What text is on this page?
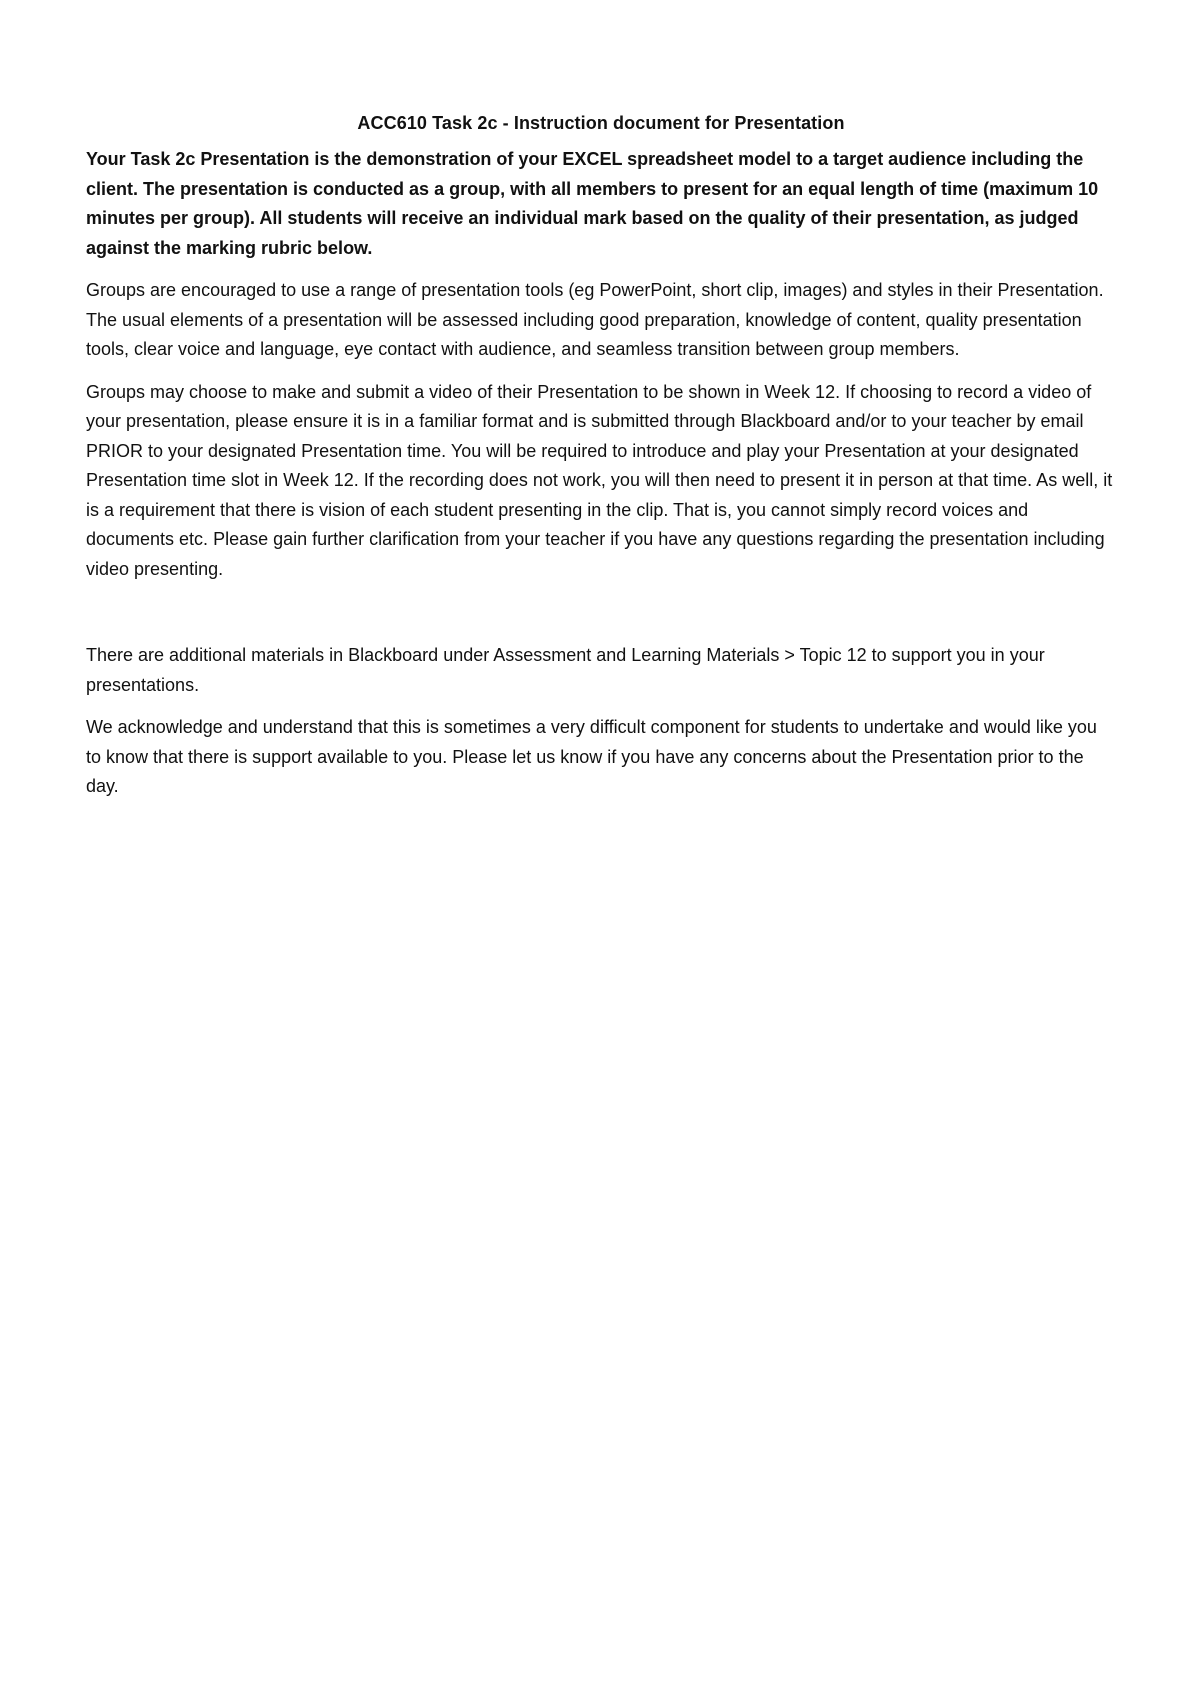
ACC610 Task 2c - Instruction document for Presentation

Your Task 2c Presentation is the demonstration of your EXCEL spreadsheet model to a target audience including the client. The presentation is conducted as a group, with all members to present for an equal length of time (maximum 10 minutes per group). All students will receive an individual mark based on the quality of their presentation, as judged against the marking rubric below.

Groups are encouraged to use a range of presentation tools (eg PowerPoint, short clip, images) and styles in their Presentation. The usual elements of a presentation will be assessed including good preparation, knowledge of content, quality presentation tools, clear voice and language, eye contact with audience, and seamless transition between group members.

Groups may choose to make and submit a video of their Presentation to be shown in Week 12. If choosing to record a video of your presentation, please ensure it is in a familiar format and is submitted through Blackboard and/or to your teacher by email PRIOR to your designated Presentation time. You will be required to introduce and play your Presentation at your designated Presentation time slot in Week 12. If the recording does not work, you will then need to present it in person at that time. As well, it is a requirement that there is vision of each student presenting in the clip. That is, you cannot simply record voices and documents etc. Please gain further clarification from your teacher if you have any questions regarding the presentation including video presenting.

There are additional materials in Blackboard under Assessment and Learning Materials > Topic 12 to support you in your presentations.

We acknowledge and understand that this is sometimes a very difficult component for students to undertake and would like you to know that there is support available to you. Please let us know if you have any concerns about the Presentation prior to the day.
